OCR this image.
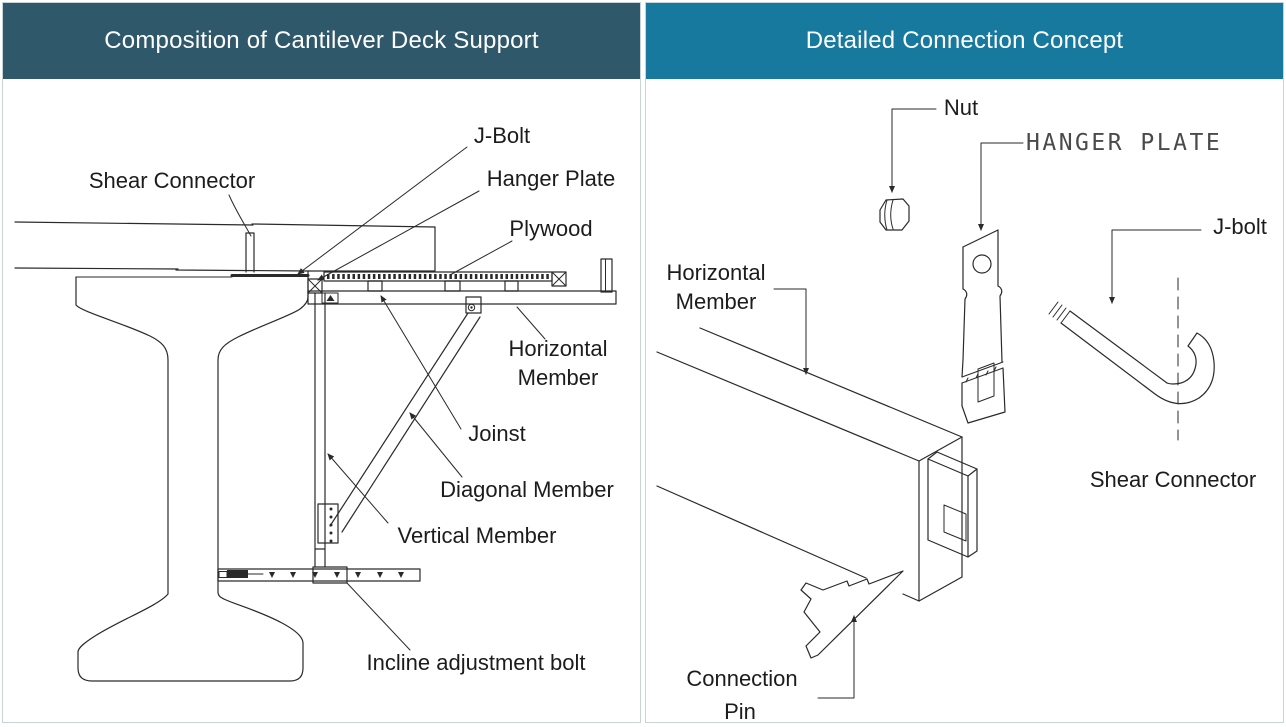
Composition of Cantilever Deck Support	Detailed Connection Concept
Shear Connector
J-Bolt
Hanger Plate
Plywood
Horizontal
Member
Joinst
Diagonal Member
Vertical Member
Incline adjustment bolt
Nut
HANGER PLATE
J-bolt
Horizontal
Member
Shear Connector
Connection
Pin
